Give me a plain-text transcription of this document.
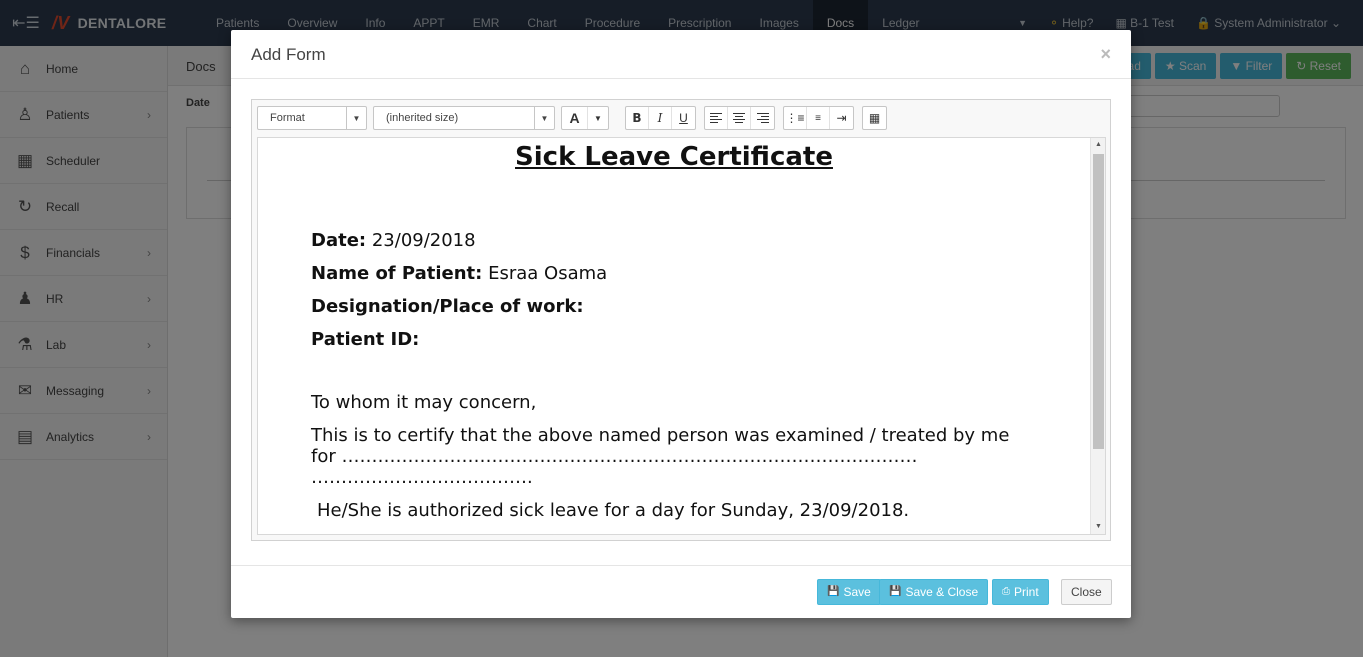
Add Form	×
Format	▼	(inherited size)	▼	A	▼	B	I	U	⋮≡	≡	⇥	▦
Sick Leave Certificate
Date: 23/09/2018
Name of Patient: Esraa Osama
Designation/Place of work:
Patient ID:
To whom it may concern,
This is to certify that the above named person was examined / treated by me
for ……………………………………………………………………………………
……………………………….
He/She is authorized sick leave for a day for Sunday, 23/09/2018.
▲
▼
💾 Save 💾 Save & Close ⎙ Print	Close
